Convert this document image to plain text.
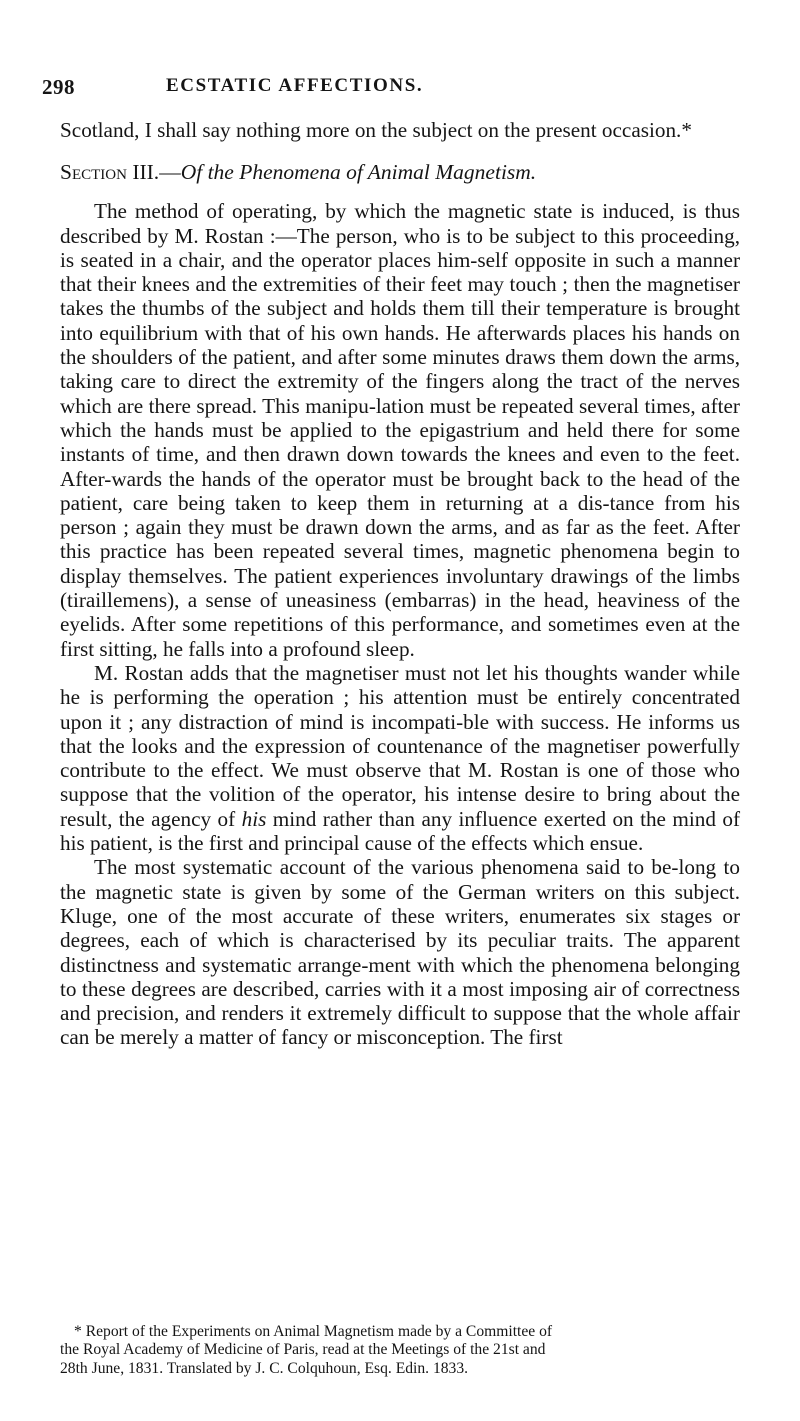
298	ECSTATIC AFFECTIONS.

Scotland, I shall say nothing more on the subject on the present occasion.*

Section III.—Of the Phenomena of Animal Magnetism.

The method of operating, by which the magnetic state is induced, is thus described by M. Rostan :—The person, who is to be subject to this proceeding, is seated in a chair, and the operator places him-self opposite in such a manner that their knees and the extremities of their feet may touch ; then the magnetiser takes the thumbs of the subject and holds them till their temperature is brought into equilibrium with that of his own hands. He afterwards places his hands on the shoulders of the patient, and after some minutes draws them down the arms, taking care to direct the extremity of the fingers along the tract of the nerves which are there spread. This manipu-lation must be repeated several times, after which the hands must be applied to the epigastrium and held there for some instants of time, and then drawn down towards the knees and even to the feet. After-wards the hands of the operator must be brought back to the head of the patient, care being taken to keep them in returning at a dis-tance from his person ; again they must be drawn down the arms, and as far as the feet. After this practice has been repeated several times, magnetic phenomena begin to display themselves. The patient experiences involuntary drawings of the limbs (tiraillemens), a sense of uneasiness (embarras) in the head, heaviness of the eyelids. After some repetitions of this performance, and sometimes even at the first sitting, he falls into a profound sleep.

M. Rostan adds that the magnetiser must not let his thoughts wander while he is performing the operation ; his attention must be entirely concentrated upon it ; any distraction of mind is incompati-ble with success. He informs us that the looks and the expression of countenance of the magnetiser powerfully contribute to the effect. We must observe that M. Rostan is one of those who suppose that the volition of the operator, his intense desire to bring about the result, the agency of his mind rather than any influence exerted on the mind of his patient, is the first and principal cause of the effects which ensue.

The most systematic account of the various phenomena said to be-long to the magnetic state is given by some of the German writers on this subject. Kluge, one of the most accurate of these writers, enumerates six stages or degrees, each of which is characterised by its peculiar traits. The apparent distinctness and systematic arrange-ment with which the phenomena belonging to these degrees are described, carries with it a most imposing air of correctness and precision, and renders it extremely difficult to suppose that the whole affair can be merely a matter of fancy or misconception. The first

* Report of the Experiments on Animal Magnetism made by a Committee of
the Royal Academy of Medicine of Paris, read at the Meetings of the 21st and
28th June, 1831. Translated by J. C. Colquhoun, Esq. Edin. 1833.
